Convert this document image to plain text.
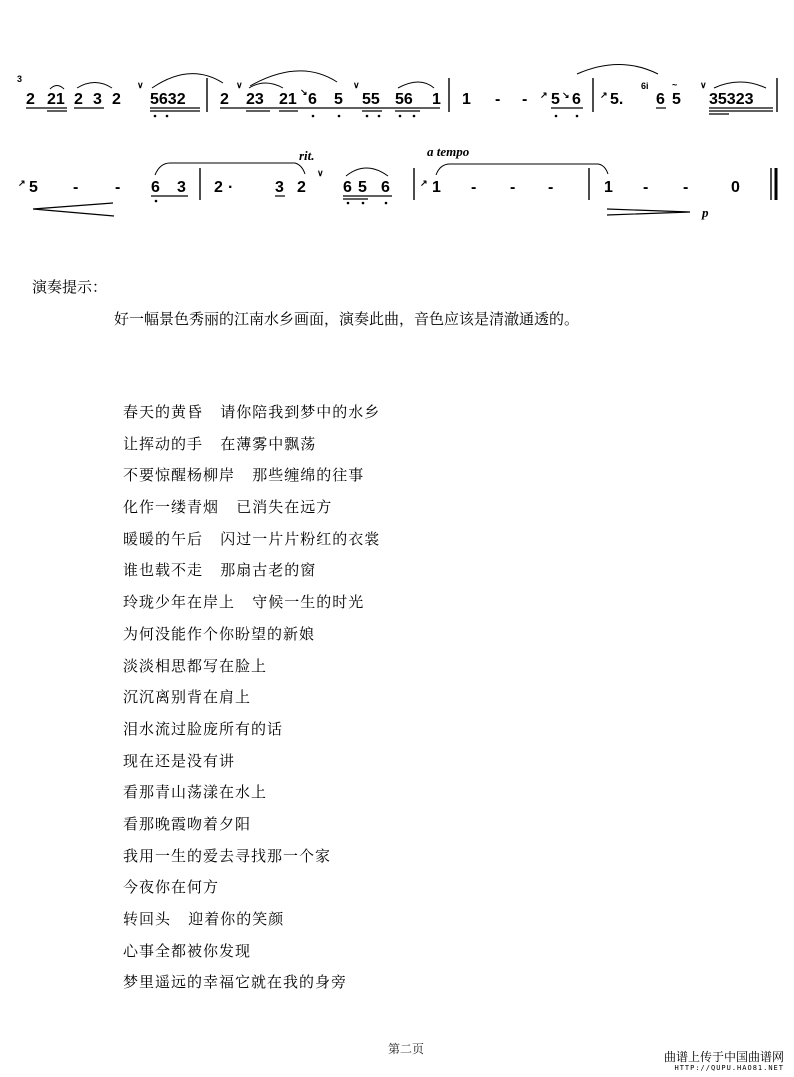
3
2 21 2 3 2
∨
5632 2
∨
23 21 ↘ 6 5
∨
55 56 1 1 - - ↗ 5 ↘ 6 ↗ 5.
6i
6
~
5
∨
35323
↗ 5 - - 6 3 2 ·	3 2
rit.
∨
6 5 6
a tempo
↗ 1 - - -	1 - -	0
p
演奏提示：
好一幅景色秀丽的江南水乡画面，演奏此曲，音色应该是清澈通透的。
春天的黄昏   请你陪我到梦中的水乡
让挥动的手   在薄雾中飘荡
不要惊醒杨柳岸   那些缠绵的往事
化作一缕青烟   已消失在远方
暖暖的午后   闪过一片片粉红的衣裳
谁也载不走   那扇古老的窗
玲珑少年在岸上   守候一生的时光
为何没能作个你盼望的新娘
淡淡相思都写在脸上
沉沉离别背在肩上
泪水流过脸庞所有的话
现在还是没有讲
看那青山荡漾在水上
看那晚霞吻着夕阳
我用一生的爱去寻找那一个家
今夜你在何方
转回头   迎着你的笑颜
心事全都被你发现
梦里遥远的幸福它就在我的身旁
第二页
曲谱上传于中国曲谱网
HTTP://QUPU.HAO81.NET
